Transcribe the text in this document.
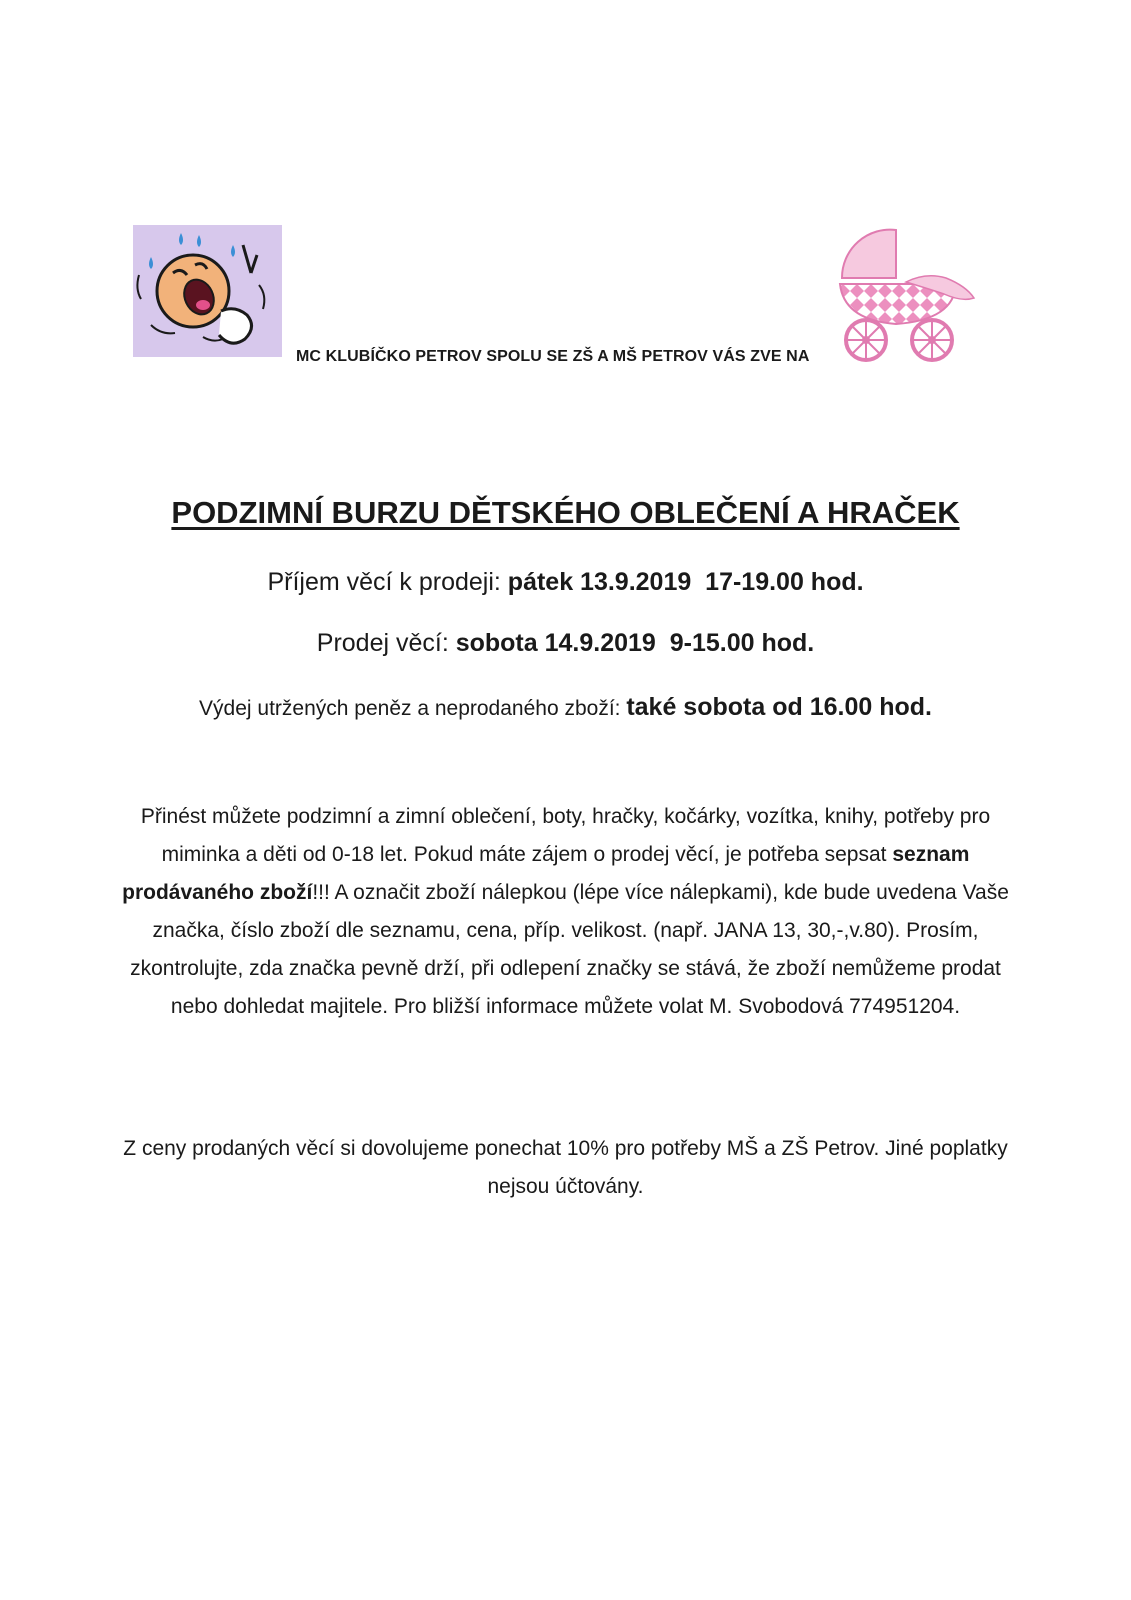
MC KLUBÍČKO PETROV SPOLU SE ZŠ A MŠ PETROV VÁS ZVE NA
PODZIMNÍ BURZU DĚTSKÉHO OBLEČENÍ A HRAČEK
Příjem věcí k prodeji: pátek 13.9.2019  17-19.00 hod.
Prodej věcí: sobota 14.9.2019  9-15.00 hod.
Výdej utržených peněz a neprodaného zboží: také sobota od 16.00 hod.
Přinést můžete podzimní a zimní oblečení, boty, hračky, kočárky, vozítka, knihy, potřeby pro miminka a děti od 0-18 let. Pokud máte zájem o prodej věcí, je potřeba sepsat seznam prodávaného zboží!!! A označit zboží nálepkou (lépe více nálepkami), kde bude uvedena Vaše značka, číslo zboží dle seznamu, cena, příp. velikost. (např. JANA 13, 30,-,v.80). Prosím, zkontrolujte, zda značka pevně drží, při odlepení značky se stává, že zboží nemůžeme prodat nebo dohledat majitele. Pro bližší informace můžete volat M. Svobodová 774951204.
Z ceny prodaných věcí si dovolujeme ponechat 10% pro potřeby MŠ a ZŠ Petrov. Jiné poplatky nejsou účtovány.
